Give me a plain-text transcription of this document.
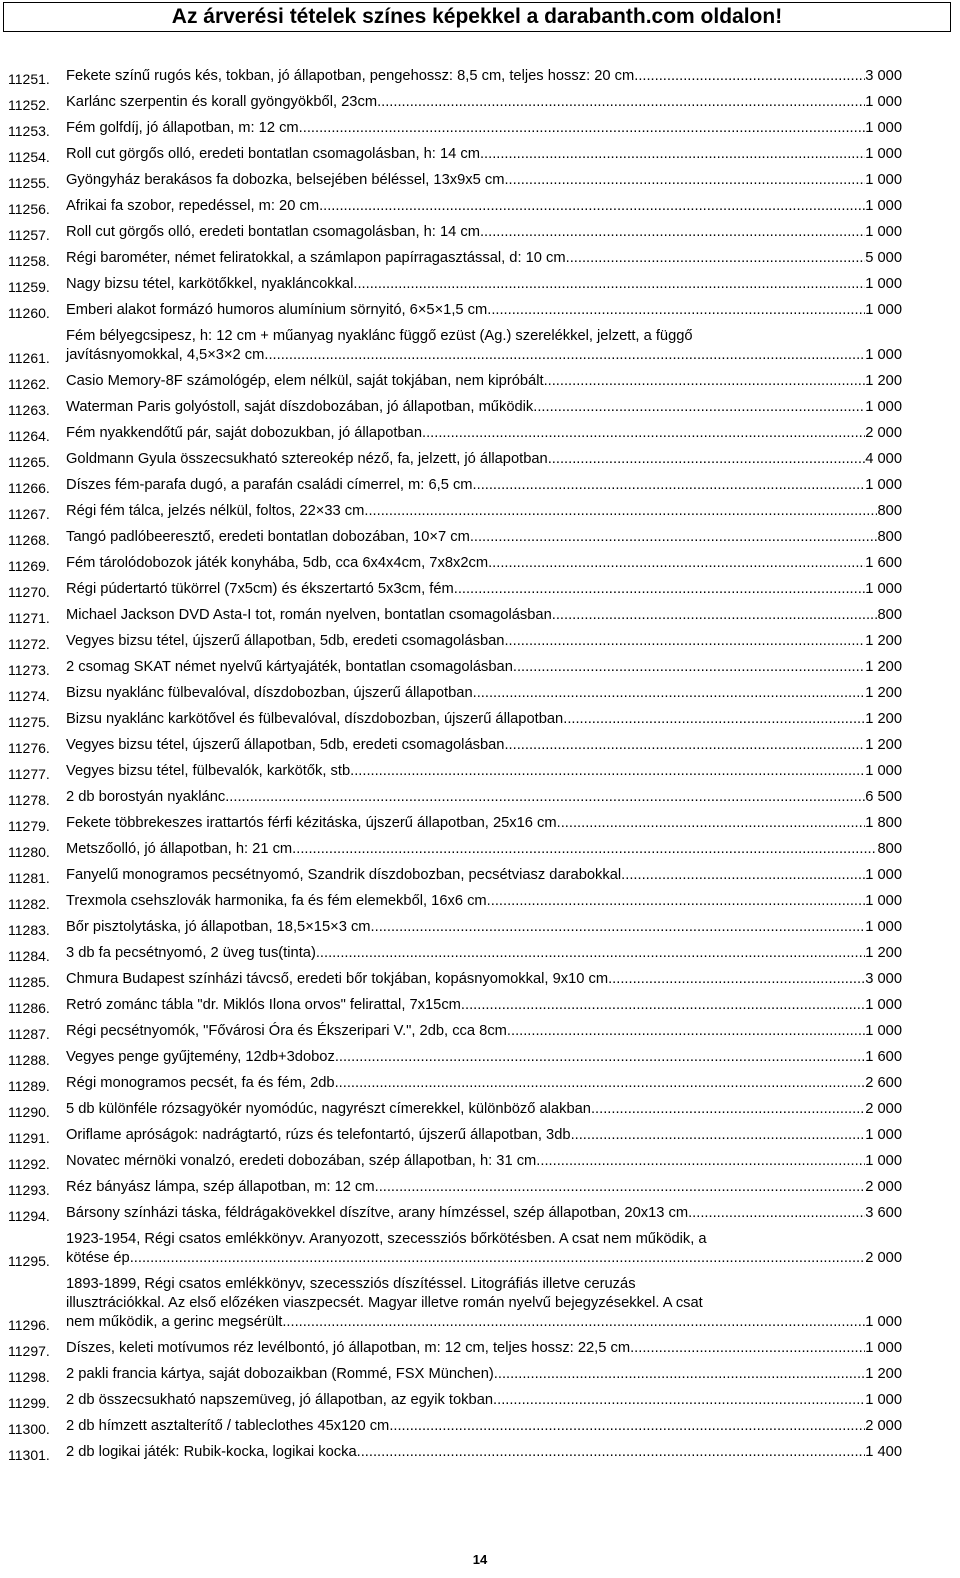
Az árverési tételek színes képekkel a darabanth.com oldalon!
11251.	Fekete színű rugós kés, tokban, jó állapotban, pengehossz: 8,5 cm, teljes hossz: 20 cm .....	3 000
11252.	Karlánc szerpentin és korall gyöngyökből, 23cm .....	1 000
11253.	Fém golfdíj, jó állapotban, m: 12 cm .....	1 000
11254.	Roll cut görgős olló, eredeti bontatlan csomagolásban, h: 14 cm .....	1 000
11255.	Gyöngyház berakásos fa dobozka, belsejében béléssel, 13x9x5 cm .....	1 000
11256.	Afrikai fa szobor, repedéssel, m: 20 cm .....	1 000
11257.	Roll cut görgős olló, eredeti bontatlan csomagolásban, h: 14 cm .....	1 000
11258.	Régi barométer, német feliratokkal, a számlapon papírragasztással, d: 10 cm .....	5 000
11259.	Nagy bizsu tétel, karkötőkkel, nyakláncokkal .....	1 000
11260.	Emberi alakot formázó humoros alumínium sörnyitó, 6×5×1,5 cm .....	1 000
11261.
Fém bélyegcsipesz, h: 12 cm + műanyag nyaklánc függő ezüst (Ag.) szerelékkel, jelzett, a függő
javításnyomokkal, 4,5×3×2 cm .....	1 000
11262.	Casio Memory-8F számológép, elem nélkül, saját tokjában, nem kipróbált .....	1 200
11263.	Waterman Paris golyóstoll, saját díszdobozában, jó állapotban, működik .....	1 000
11264.	Fém nyakkendőtű pár, saját dobozukban, jó állapotban .....	2 000
11265.	Goldmann Gyula összecsukható sztereokép néző, fa, jelzett, jó állapotban .....	4 000
11266.	Díszes fém-parafa dugó, a parafán családi címerrel, m: 6,5 cm .....	1 000
11267.	Régi fém tálca, jelzés nélkül, foltos, 22×33 cm .....	800
11268.	Tangó padlóbeeresztő, eredeti bontatlan dobozában, 10×7 cm .....	800
11269.	Fém tárolódobozok játék konyhába, 5db, cca 6x4x4cm, 7x8x2cm .....	1 600
11270.	Régi púdertartó tükörrel (7x5cm) és ékszertartó 5x3cm, fém .....	1 000
11271.	Michael Jackson DVD Asta-I tot, román nyelven, bontatlan csomagolásban .....	800
11272.	Vegyes bizsu tétel, újszerű állapotban, 5db, eredeti csomagolásban .....	1 200
11273.	2 csomag SKAT német nyelvű kártyajáték, bontatlan csomagolásban .....	1 200
11274.	Bizsu nyaklánc fülbevalóval, díszdobozban, újszerű állapotban .....	1 200
11275.	Bizsu nyaklánc karkötővel és fülbevalóval, díszdobozban, újszerű állapotban .....	1 200
11276.	Vegyes bizsu tétel, újszerű állapotban, 5db, eredeti csomagolásban .....	1 200
11277.	Vegyes bizsu tétel, fülbevalók, karkötők, stb. .....	1 000
11278.	2 db borostyán nyaklánc .....	6 500
11279.	Fekete többrekeszes irattartós férfi kézitáska, újszerű állapotban, 25x16 cm .....	1 800
11280.	Metszőolló, jó állapotban, h: 21 cm .....	800
11281.	Fanyelű monogramos pecsétnyomó, Szandrik díszdobozban, pecsétviasz darabokkal .....	1 000
11282.	Trexmola csehszlovák harmonika, fa és fém elemekből, 16x6 cm .....	1 000
11283.	Bőr pisztolytáska, jó állapotban, 18,5×15×3 cm .....	1 000
11284.	3 db fa pecsétnyomó, 2 üveg tus(tinta) .....	1 200
11285.	Chmura Budapest színházi távcső, eredeti bőr tokjában, kopásnyomokkal, 9x10 cm .....	3 000
11286.	Retró zománc tábla "dr. Miklós Ilona orvos" felirattal, 7x15cm .....	1 000
11287.	Régi pecsétnyomók, "Fővárosi Óra és Ékszeripari V.", 2db, cca 8cm .....	1 000
11288.	Vegyes penge gyűjtemény, 12db+3doboz .....	1 600
11289.	Régi monogramos pecsét, fa és fém, 2db .....	2 600
11290.	5 db különféle rózsagyökér nyomódúc, nagyrészt címerekkel, különböző alakban .....	2 000
11291.	Oriflame apróságok: nadrágtartó, rúzs és telefontartó, újszerű állapotban, 3db .....	1 000
11292.	Novatec mérnöki vonalzó, eredeti dobozában, szép állapotban, h: 31 cm .....	1 000
11293.	Réz bányász lámpa, szép állapotban, m: 12 cm .....	2 000
11294.	Bársony színházi táska, féldrágakövekkel díszítve, arany hímzéssel, szép állapotban, 20x13 cm .....	3 600
11295.
1923-1954, Régi csatos emlékkönyv. Aranyozott, szecessziós bőrkötésben. A csat nem működik, a
kötése ép .....	2 000
11296.
1893-1899, Régi csatos emlékkönyv, szecessziós díszítéssel. Litográfiás illetve ceruzás
illusztrációkkal. Az első előzéken viaszpecsét. Magyar illetve román nyelvű bejegyzésekkel. A csat
nem működik, a gerinc megsérült. .....	1 000
11297.	Díszes, keleti motívumos réz levélbontó, jó állapotban, m: 12 cm, teljes hossz: 22,5 cm .....	1 000
11298.	2 pakli francia kártya, saját dobozaikban (Rommé, FSX München) .....	1 200
11299.	2 db összecsukható napszemüveg, jó állapotban, az egyik tokban .....	1 000
11300.	2 db hímzett asztalterítő / tableclothes 45x120 cm .....	2 000
11301.	2 db logikai játék: Rubik-kocka, logikai kocka .....	1 400
14
